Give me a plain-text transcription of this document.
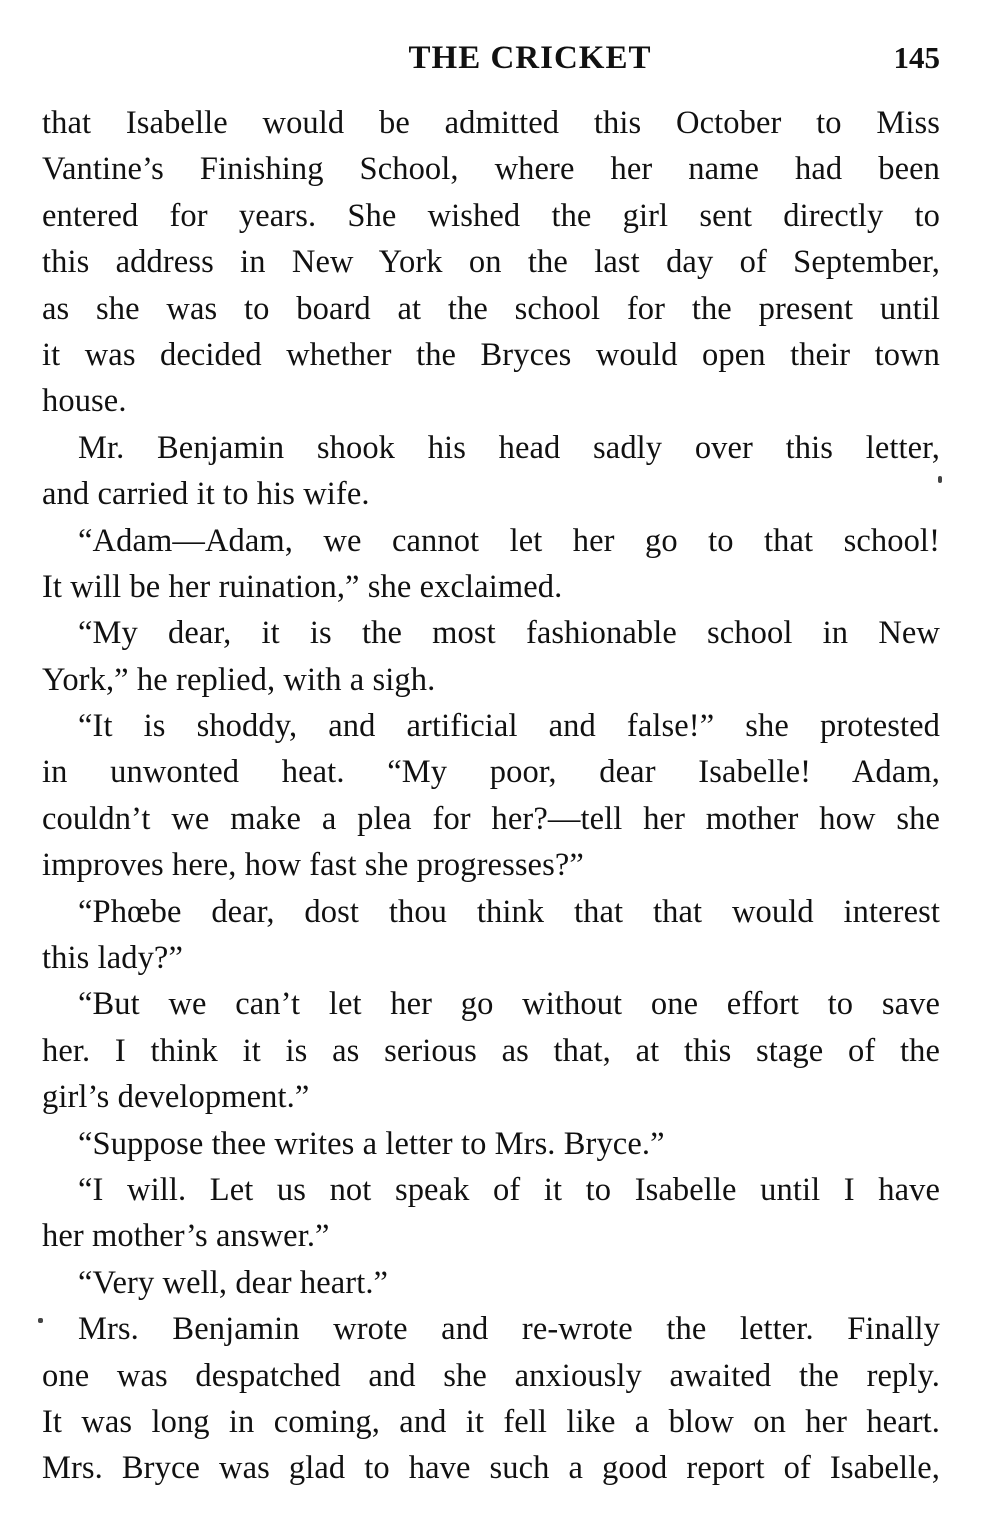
THE CRICKET	145
that Isabelle would be admitted this October to Miss
Vantine’s Finishing School, where her name had been
entered for years. She wished the girl sent directly to
this address in New York on the last day of September,
as she was to board at the school for the present until
it was decided whether the Bryces would open their town
house.
Mr. Benjamin shook his head sadly over this letter,
and carried it to his wife.
“Adam—Adam, we cannot let her go to that school!
It will be her ruination,” she exclaimed.
“My dear, it is the most fashionable school in New
York,” he replied, with a sigh.
“It is shoddy, and artificial and false!” she protested
in unwonted heat. “My poor, dear Isabelle! Adam,
couldn’t we make a plea for her?—tell her mother how she
improves here, how fast she progresses?”
“Phœbe dear, dost thou think that that would interest
this lady?”
“But we can’t let her go without one effort to save
her. I think it is as serious as that, at this stage of the
girl’s development.”
“Suppose thee writes a letter to Mrs. Bryce.”
“I will. Let us not speak of it to Isabelle until I have
her mother’s answer.”
“Very well, dear heart.”
Mrs. Benjamin wrote and re-wrote the letter. Finally
one was despatched and she anxiously awaited the reply.
It was long in coming, and it fell like a blow on her heart.
Mrs. Bryce was glad to have such a good report of Isabelle,
